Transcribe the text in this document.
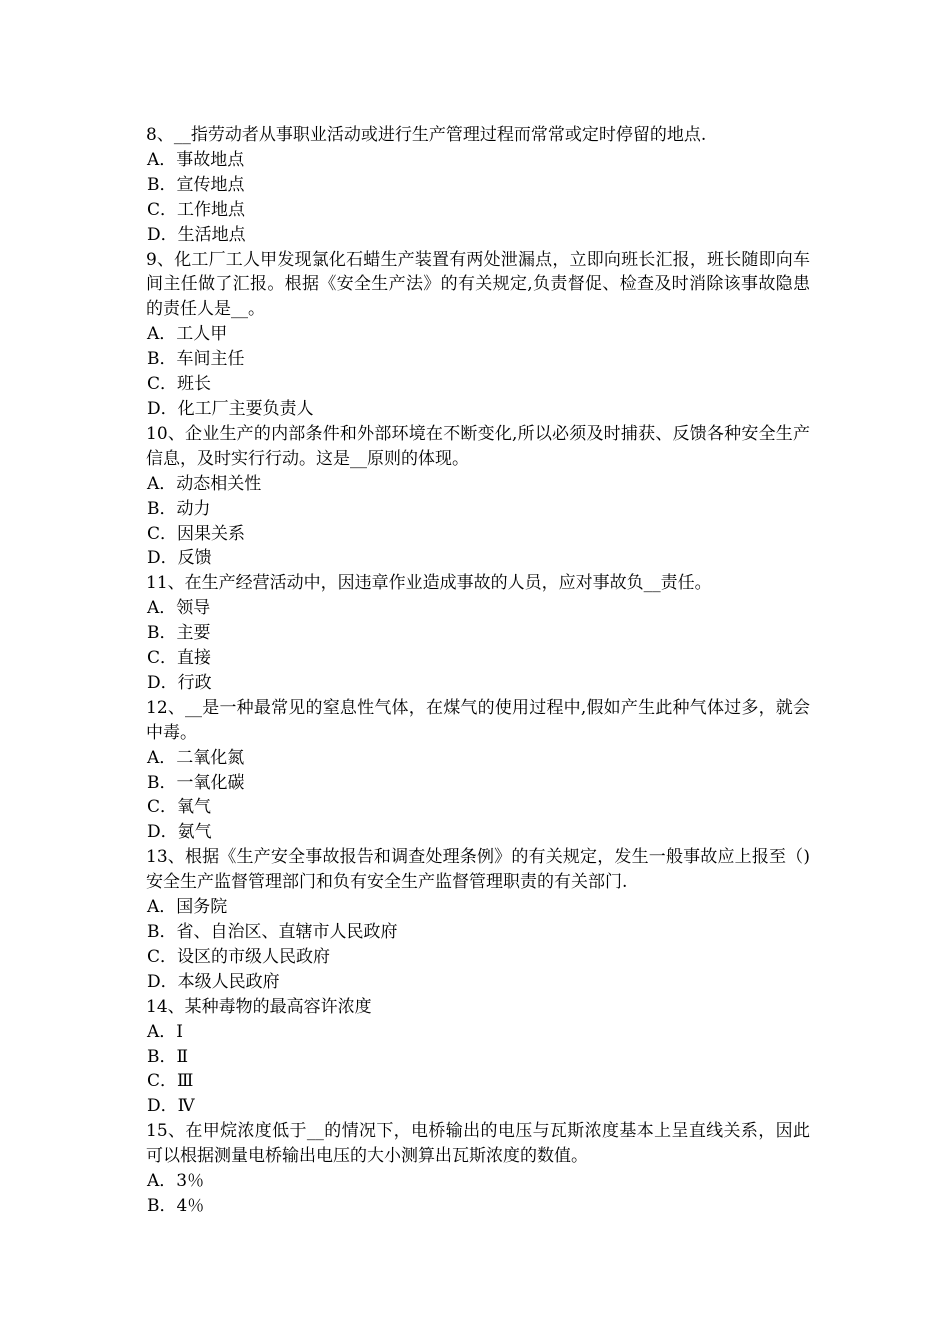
8、__指劳动者从事职业活动或进行生产管理过程而常常或定时停留的地点.

A．事故地点

B．宣传地点

C．工作地点

D．生活地点

9、化工厂工人甲发现氯化石蜡生产装置有两处泄漏点，立即向班长汇报，班长随即向车间主任做了汇报。根据《安全生产法》的有关规定,负责督促、检查及时消除该事故隐患的责任人是__。

A．工人甲

B．车间主任

C．班长

D．化工厂主要负责人

10、企业生产的内部条件和外部环境在不断变化,所以必须及时捕获、反馈各种安全生产信息，及时实行行动。这是__原则的体现。

A．动态相关性

B．动力

C．因果关系

D．反馈

11、在生产经营活动中，因违章作业造成事故的人员，应对事故负__责任。

A．领导

B．主要

C．直接

D．行政

12、__是一种最常见的窒息性气体，在煤气的使用过程中,假如产生此种气体过多，就会中毒。

A．二氧化氮

B．一氧化碳

C．氧气

D．氨气

13、根据《生产安全事故报告和调查处理条例》的有关规定，发生一般事故应上报至（)安全生产监督管理部门和负有安全生产监督管理职责的有关部门.

A．国务院

B．省、自治区、直辖市人民政府

C．设区的市级人民政府

D．本级人民政府

14、某种毒物的最高容许浓度

A．Ⅰ

B．Ⅱ

C．Ⅲ

D．Ⅳ

15、在甲烷浓度低于__的情况下，电桥输出的电压与瓦斯浓度基本上呈直线关系，因此可以根据测量电桥输出电压的大小测算出瓦斯浓度的数值。

A．3％

B．4％
